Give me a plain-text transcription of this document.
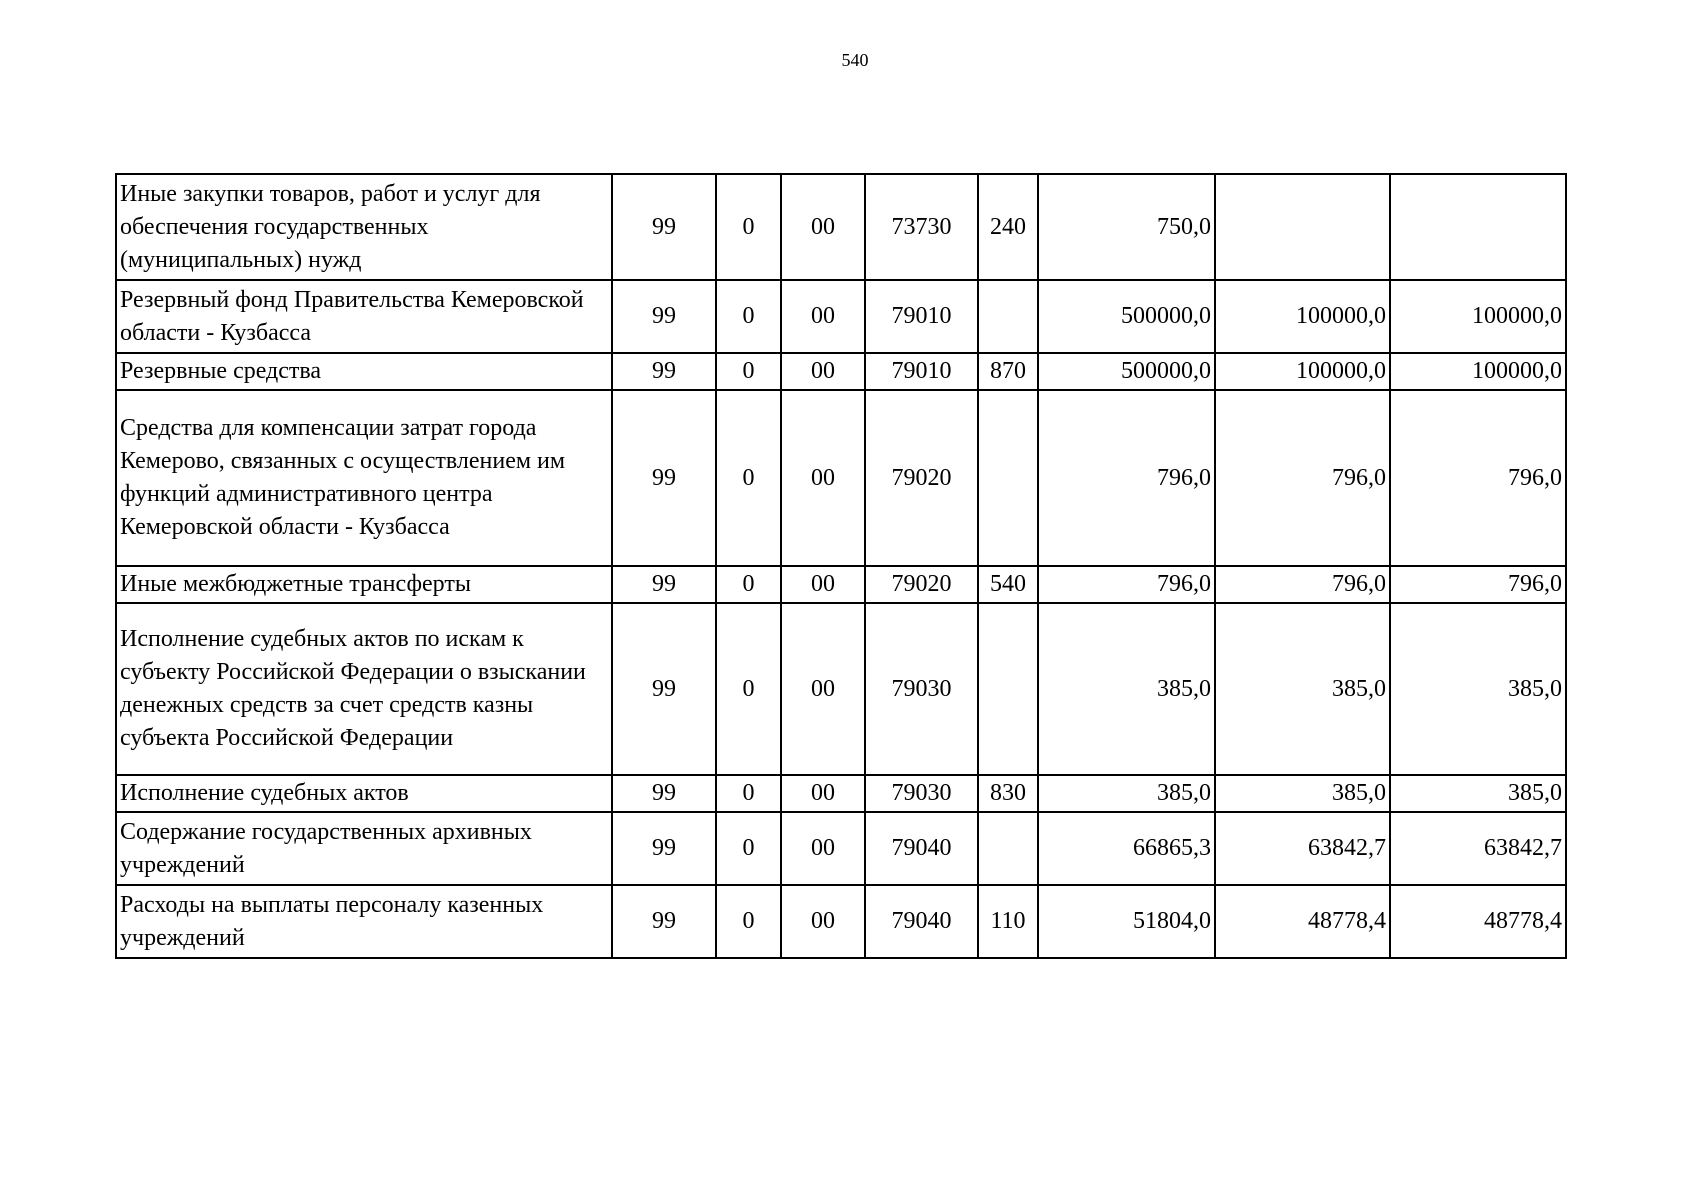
540
Иные закупки товаров, работ и услуг для обеспечения государственных (муниципальных) нужд	99	0	00	73730	240	750,0		
Резервный фонд Правительства Кемеровской области - Кузбасса	99	0	00	79010		500000,0	100000,0	100000,0
Резервные средства	99	0	00	79010	870	500000,0	100000,0	100000,0
Средства для компенсации затрат города Кемерово, связанных с осуществлением им функций административного центра Кемеровской области - Кузбасса	99	0	00	79020		796,0	796,0	796,0
Иные межбюджетные трансферты	99	0	00	79020	540	796,0	796,0	796,0
Исполнение судебных актов по искам к субъекту Российской Федерации о взыскании денежных средств за счет средств казны субъекта Российской Федерации	99	0	00	79030		385,0	385,0	385,0
Исполнение судебных актов	99	0	00	79030	830	385,0	385,0	385,0
Содержание государственных архивных учреждений	99	0	00	79040		66865,3	63842,7	63842,7
Расходы на выплаты персоналу казенных учреждений	99	0	00	79040	110	51804,0	48778,4	48778,4
